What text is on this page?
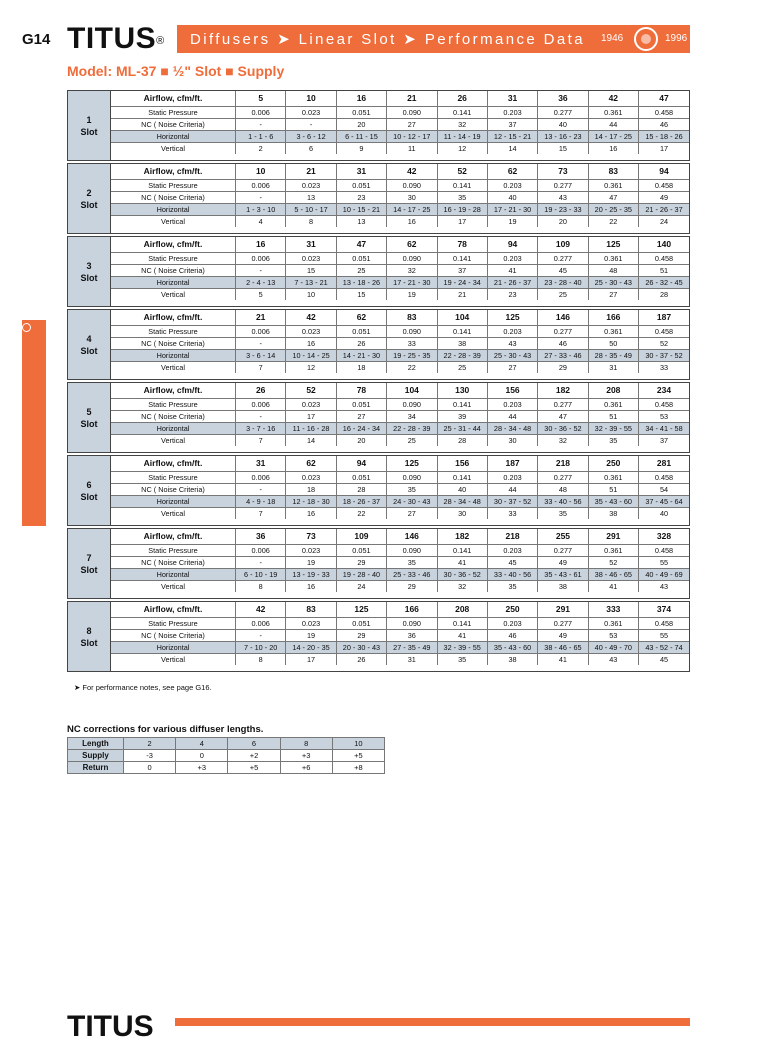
G14 TITUS® Diffusers ➤ Linear Slot ➤ Performance Data 1946	1996
Model: ML-37 ■ ½" Slot ■ Supply
1
Slot
Airflow, cfm/ft.	5	10	16	21	26	31	36	42	47
Static Pressure	0.006	0.023	0.051	0.090	0.141	0.203	0.277	0.361	0.458
NC ( Noise Criteria)	-	-	20	27	32	37	40	44	46
Horizontal	1 - 1 - 6	3 - 6 - 12	6 - 11 - 15	10 - 12 - 17	11 - 14 - 19	12 - 15 - 21	13 - 16 - 23	14 - 17 - 25	15 - 18 - 26
Vertical	2	6	9	11	12	14	15	16	17
2
Slot
Airflow, cfm/ft.	10	21	31	42	52	62	73	83	94
Static Pressure	0.006	0.023	0.051	0.090	0.141	0.203	0.277	0.361	0.458
NC ( Noise Criteria)	-	13	23	30	35	40	43	47	49
Horizontal	1 - 3 - 10	5 - 10 - 17	10 - 15 - 21	14 - 17 - 25	16 - 19 - 28	17 - 21 - 30	19 - 23 - 33	20 - 25 - 35	21 - 26 - 37
Vertical	4	8	13	16	17	19	20	22	24
3
Slot
Airflow, cfm/ft.	16	31	47	62	78	94	109	125	140
Static Pressure	0.006	0.023	0.051	0.090	0.141	0.203	0.277	0.361	0.458
NC ( Noise Criteria)	-	15	25	32	37	41	45	48	51
Horizontal	2 - 4 - 13	7 - 13 - 21	13 - 18 - 26	17 - 21 - 30	19 - 24 - 34	21 - 26 - 37	23 - 28 - 40	25 - 30 - 43	26 - 32 - 45
Vertical	5	10	15	19	21	23	25	27	28
4
Slot
Airflow, cfm/ft.	21	42	62	83	104	125	146	166	187
Static Pressure	0.006	0.023	0.051	0.090	0.141	0.203	0.277	0.361	0.458
NC ( Noise Criteria)	-	16	26	33	38	43	46	50	52
Horizontal	3 - 6 - 14	10 - 14 - 25	14 - 21 - 30	19 - 25 - 35	22 - 28 - 39	25 - 30 - 43	27 - 33 - 46	28 - 35 - 49	30 - 37 - 52
Vertical	7	12	18	22	25	27	29	31	33
5
Slot
Airflow, cfm/ft.	26	52	78	104	130	156	182	208	234
Static Pressure	0.006	0.023	0.051	0.090	0.141	0.203	0.277	0.361	0.458
NC ( Noise Criteria)	-	17	27	34	39	44	47	51	53
Horizontal	3 - 7 - 16	11 - 16 - 28	16 - 24 - 34	22 - 28 - 39	25 - 31 - 44	28 - 34 - 48	30 - 36 - 52	32 - 39 - 55	34 - 41 - 58
Vertical	7	14	20	25	28	30	32	35	37
6
Slot
Airflow, cfm/ft.	31	62	94	125	156	187	218	250	281
Static Pressure	0.006	0.023	0.051	0.090	0.141	0.203	0.277	0.361	0.458
NC ( Noise Criteria)	-	18	28	35	40	44	48	51	54
Horizontal	4 - 9 - 18	12 - 18 - 30	18 - 26 - 37	24 - 30 - 43	28 - 34 - 48	30 - 37 - 52	33 - 40 - 56	35 - 43 - 60	37 - 45 - 64
Vertical	7	16	22	27	30	33	35	38	40
7
Slot
Airflow, cfm/ft.	36	73	109	146	182	218	255	291	328
Static Pressure	0.006	0.023	0.051	0.090	0.141	0.203	0.277	0.361	0.458
NC ( Noise Criteria)	-	19	29	35	41	45	49	52	55
Horizontal	6 - 10 - 19	13 - 19 - 33	19 - 28 - 40	25 - 33 - 46	30 - 36 - 52	33 - 40 - 56	35 - 43 - 61	38 - 46 - 65	40 - 49 - 69
Vertical	8	16	24	29	32	35	38	41	43
8
Slot
Airflow, cfm/ft.	42	83	125	166	208	250	291	333	374
Static Pressure	0.006	0.023	0.051	0.090	0.141	0.203	0.277	0.361	0.458
NC ( Noise Criteria)	-	19	29	36	41	46	49	53	55
Horizontal	7 - 10 - 20	14 - 20 - 35	20 - 30 - 43	27 - 35 - 49	32 - 39 - 55	35 - 43 - 60	38 - 46 - 65	40 - 49 - 70	43 - 52 - 74
Vertical	8	17	26	31	35	38	41	43	45
➤ For performance notes, see page G16.
NC corrections for various diffuser lengths.
Length	2	4	6	8	10
Supply	-3	0	+2	+3	+5
Return	0	+3	+5	+6	+8
TITUS
